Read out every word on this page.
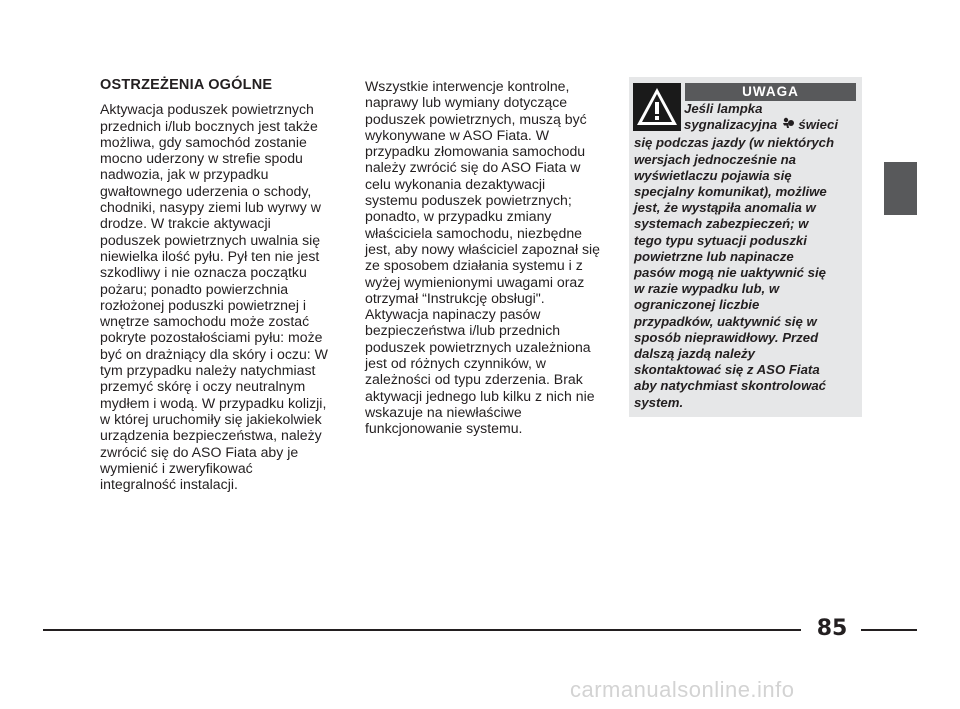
OSTRZEŻENIA OGÓLNE

Aktywacja poduszek powietrznych
przednich i/lub bocznych jest także
możliwa, gdy samochód zostanie
mocno uderzony w strefie spodu
nadwozia, jak w przypadku
gwałtownego uderzenia o schody,
chodniki, nasypy ziemi lub wyrwy w
drodze. W trakcie aktywacji
poduszek powietrznych uwalnia się
niewielka ilość pyłu. Pył ten nie jest
szkodliwy i nie oznacza początku
pożaru; ponadto powierzchnia
rozłożonej poduszki powietrznej i
wnętrze samochodu może zostać
pokryte pozostałościami pyłu: może
być on drażniący dla skóry i oczu: W
tym przypadku należy natychmiast
przemyć skórę i oczy neutralnym
mydłem i wodą. W przypadku kolizji,
w której uruchomiły się jakiekolwiek
urządzenia bezpieczeństwa, należy
zwrócić się do ASO Fiata aby je
wymienić i zweryfikować
integralność instalacji.

Wszystkie interwencje kontrolne,
naprawy lub wymiany dotyczące
poduszek powietrznych, muszą być
wykonywane w ASO Fiata. W
przypadku złomowania samochodu
należy zwrócić się do ASO Fiata w
celu wykonania dezaktywacji
systemu poduszek powietrznych;
ponadto, w przypadku zmiany
właściciela samochodu, niezbędne
jest, aby nowy właściciel zapoznał się
ze sposobem działania systemu i z
wyżej wymienionymi uwagami oraz
otrzymał “Instrukcję obsługi".
Aktywacja napinaczy pasów
bezpieczeństwa i/lub przednich
poduszek powietrznych uzależniona
jest od różnych czynników, w
zależności od typu zderzenia. Brak
aktywacji jednego lub kilku z nich nie
wskazuje na niewłaściwe
funkcjonowanie systemu.

UWAGA
Jeśli lampka
sygnalizacyjna  świeci
się podczas jazdy (w niektórych
wersjach jednocześnie na
wyświetlaczu pojawia się
specjalny komunikat), możliwe
jest, że wystąpiła anomalia w
systemach zabezpieczeń; w
tego typu sytuacji poduszki
powietrzne lub napinacze
pasów mogą nie uaktywnić się
w razie wypadku lub, w
ograniczonej liczbie
przypadków, uaktywnić się w
sposób nieprawidłowy. Przed
dalszą jazdą należy
skontaktować się z ASO Fiata
aby natychmiast skontrolować
system.
85
carmanualsonline.info
